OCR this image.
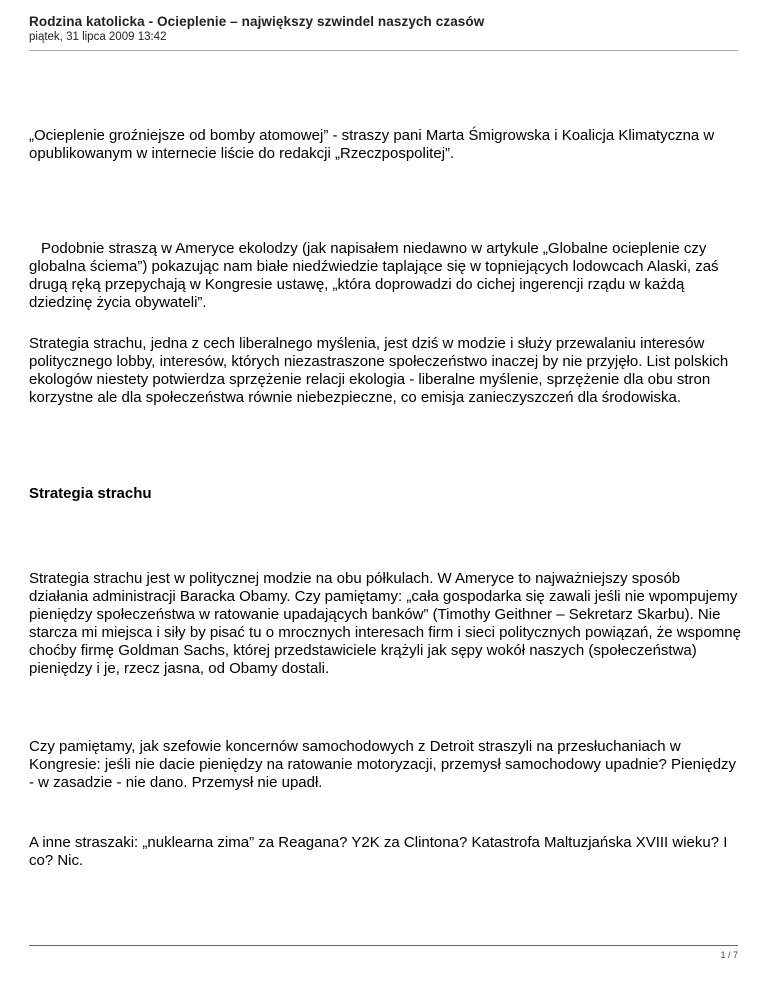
Rodzina katolicka - Ocieplenie – największy szwindel naszych czasów
piątek, 31 lipca 2009 13:42

„Ocieplenie groźniejsze od bomby atomowej” - straszy pani Marta Śmigrowska i Koalicja Klimatyczna w opublikowanym w internecie liście do redakcji „Rzeczpospolitej”.

Podobnie straszą w Ameryce ekolodzy (jak napisałem niedawno w artykule „Globalne ocieplenie czy globalna ściema”) pokazując nam białe niedźwiedzie taplające się w topniejących lodowcach Alaski, zaś drugą ręką przepychają w Kongresie ustawę, „która doprowadzi do cichej ingerencji rządu w każdą dziedzinę życia obywateli”.

Strategia strachu, jedna z cech liberalnego myślenia, jest dziś w modzie i służy przewalaniu interesów politycznego lobby, interesów, których niezastraszone społeczeństwo inaczej by nie przyjęło. List polskich ekologów niestety potwierdza sprzężenie relacji ekologia - liberalne myślenie, sprzężenie dla obu stron korzystne ale dla społeczeństwa równie niebezpieczne, co emisja zanieczyszczeń dla środowiska.

Strategia strachu

Strategia strachu jest w politycznej modzie na obu półkulach. W Ameryce to najważniejszy sposób działania administracji Baracka Obamy. Czy pamiętamy: „cała gospodarka się zawali jeśli nie wpompujemy pieniędzy społeczeństwa w ratowanie upadających banków” (Timothy Geithner – Sekretarz Skarbu). Nie starcza mi miejsca i siły by pisać tu o mrocznych interesach firm i sieci politycznych powiązań, że wspomnę choćby firmę Goldman Sachs, której przedstawiciele krążyli jak sępy wokół naszych (społeczeństwa) pieniędzy i je, rzecz jasna, od Obamy dostali.

Czy pamiętamy, jak szefowie koncernów samochodowych z Detroit straszyli na przesłuchaniach w Kongresie: jeśli nie dacie pieniędzy na ratowanie motoryzacji, przemysł samochodowy upadnie? Pieniędzy - w zasadzie - nie dano. Przemysł nie upadł.

A inne straszaki: „nuklearna zima” za Reagana? Y2K za Clintona? Katastrofa Maltuzjańska XVIII wieku? I co? Nic.

1 / 7
